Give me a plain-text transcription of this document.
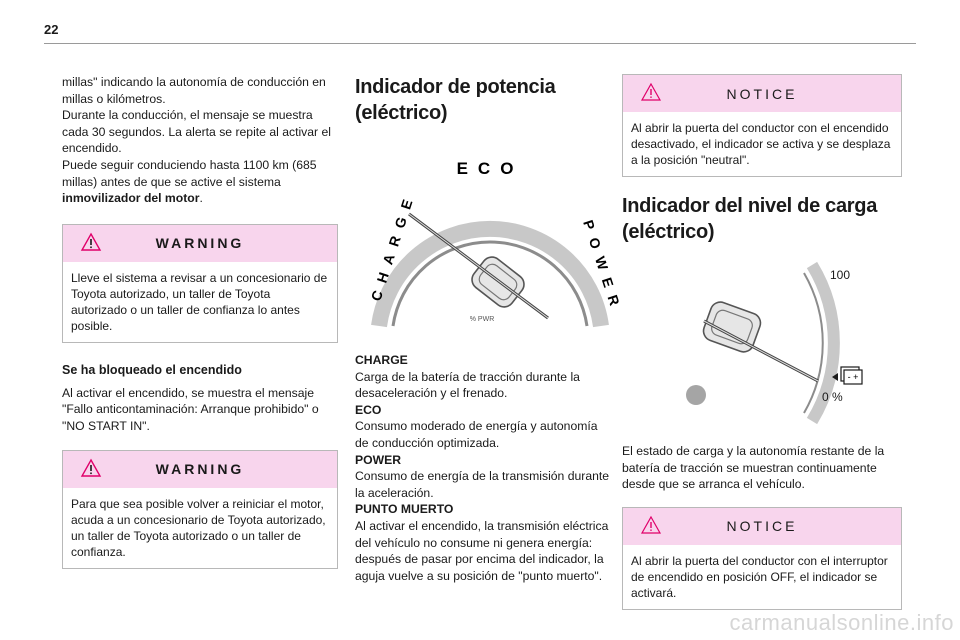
22

millas" indicando la autonomía de conducción en millas o kilómetros.

Durante la conducción, el mensaje se muestra cada 30 segundos. La alerta se repite al activar el encendido.

Puede seguir conduciendo hasta 1100 km (685 millas) antes de que se active el sistema inmovilizador del motor.

WARNING
Lleve el sistema a revisar a un concesionario de Toyota autorizado, un taller de Toyota autorizado o un taller de confianza lo antes posible.

Se ha bloqueado el encendido

Al activar el encendido, se muestra el mensaje "Fallo anticontaminación: Arranque prohibido" o "NO START IN".

WARNING
Para que sea posible volver a reiniciar el motor, acuda a un concesionario de Toyota autorizado, un taller de Toyota autorizado o un taller de confianza.
Indicador de potencia (eléctrico)
ECO
CHARGE	POWER
% PWR

CHARGE

Carga de la batería de tracción durante la desaceleración y el frenado.

ECO

Consumo moderado de energía y autonomía de conducción optimizada.

POWER

Consumo de energía de la transmisión durante la aceleración.

PUNTO MUERTO

Al activar el encendido, la transmisión eléctrica del vehículo no consume ni genera energía: después de pasar por encima del indicador, la aguja vuelve a su posición de "punto muerto".

NOTICE
Al abrir la puerta del conductor con el encendido desactivado, el indicador se activa y se desplaza a la posición "neutral".
Indicador del nivel de carga (eléctrico)
100
0 %
- +

El estado de carga y la autonomía restante de la batería de tracción se muestran continuamente desde que se arranca el vehículo.

NOTICE
Al abrir la puerta del conductor con el interruptor de encendido en posición OFF, el indicador se activará.
carmanualsonline.info
